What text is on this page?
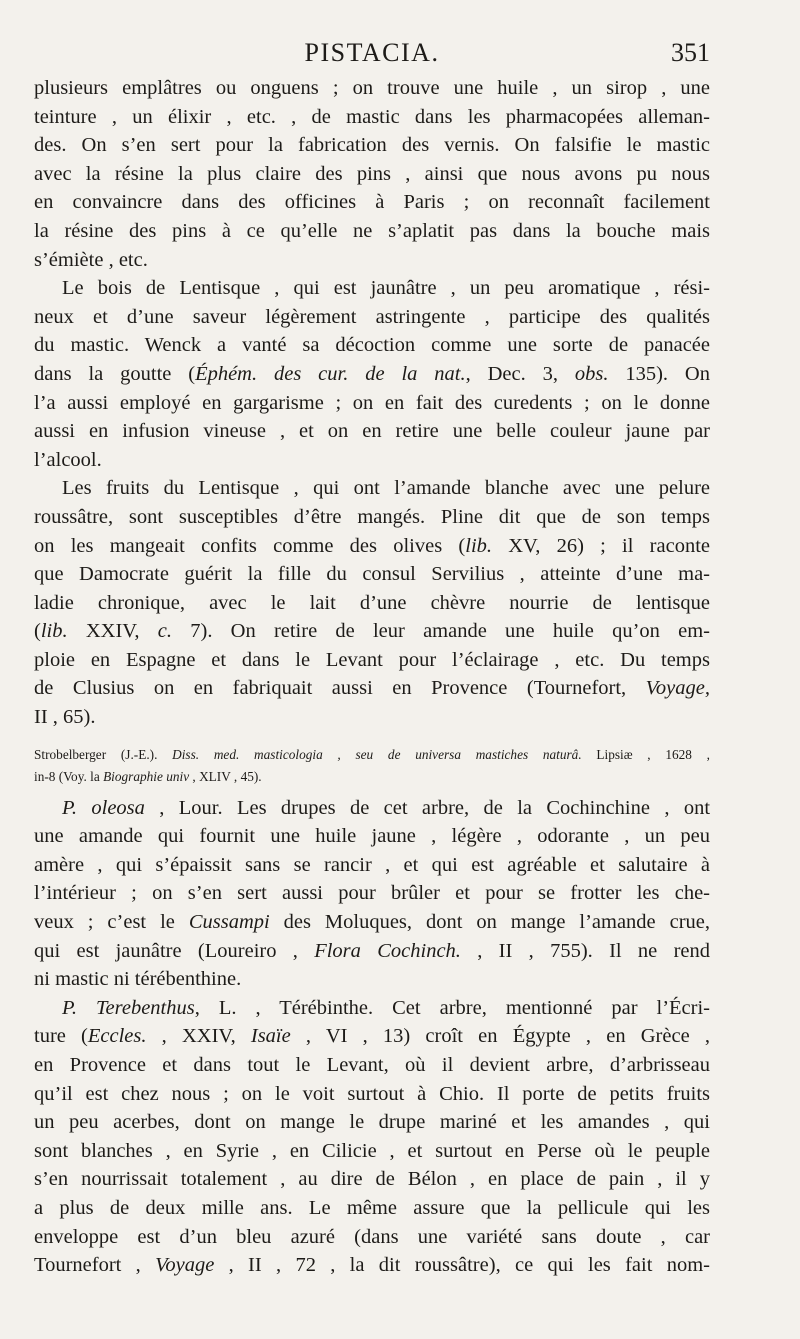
PISTACIA.	351
plusieurs emplâtres ou onguens ; on trouve une huile , un sirop , une
teinture , un élixir , etc. , de mastic dans les pharmacopées alleman-
des. On s’en sert pour la fabrication des vernis. On falsifie le mastic
avec la résine la plus claire des pins , ainsi que nous avons pu nous
en convaincre dans des officines à Paris ; on reconnaît facilement
la résine des pins à ce qu’elle ne s’aplatit pas dans la bouche mais
s’émiète , etc.
Le bois de Lentisque , qui est jaunâtre , un peu aromatique , rési-
neux et d’une saveur légèrement astringente , participe des qualités
du mastic. Wenck a vanté sa décoction comme une sorte de panacée
dans la goutte (Éphém. des cur. de la nat., Dec. 3, obs. 135). On
l’a aussi employé en gargarisme ; on en fait des curedents ; on le donne
aussi en infusion vineuse , et on en retire une belle couleur jaune par
l’alcool.
Les fruits du Lentisque , qui ont l’amande blanche avec une pelure
roussâtre, sont susceptibles d’être mangés. Pline dit que de son temps
on les mangeait confits comme des olives (lib. XV, 26) ; il raconte
que Damocrate guérit la fille du consul Servilius , atteinte d’une ma-
ladie chronique, avec le lait d’une chèvre nourrie de lentisque
(lib. XXIV, c. 7). On retire de leur amande une huile qu’on em-
ploie en Espagne et dans le Levant pour l’éclairage , etc. Du temps
de Clusius on en fabriquait aussi en Provence (Tournefort, Voyage,
II , 65).
Strobelberger (J.-E.). Diss. med. masticologia , seu de universa mastiches naturâ. Lipsiæ , 1628 ,
in-8 (Voy. la Biographie univ , XLIV , 45).
P. oleosa , Lour. Les drupes de cet arbre, de la Cochinchine , ont
une amande qui fournit une huile jaune , légère , odorante , un peu
amère , qui s’épaissit sans se rancir , et qui est agréable et salutaire à
l’intérieur ; on s’en sert aussi pour brûler et pour se frotter les che-
veux ; c’est le Cussampi des Moluques, dont on mange l’amande crue,
qui est jaunâtre (Loureiro , Flora Cochinch. , II , 755). Il ne rend
ni mastic ni térébenthine.
P. Terebenthus, L. , Térébinthe. Cet arbre, mentionné par l’Écri-
ture (Eccles. , XXIV, Isaïe , VI , 13) croît en Égypte , en Grèce ,
en Provence et dans tout le Levant, où il devient arbre, d’arbrisseau
qu’il est chez nous ; on le voit surtout à Chio. Il porte de petits fruits
un peu acerbes, dont on mange le drupe mariné et les amandes , qui
sont blanches , en Syrie , en Cilicie , et surtout en Perse où le peuple
s’en nourrissait totalement , au dire de Bélon , en place de pain , il y
a plus de deux mille ans. Le même assure que la pellicule qui les
enveloppe est d’un bleu azuré (dans une variété sans doute , car
Tournefort , Voyage , II , 72 , la dit roussâtre), ce qui les fait nom-
